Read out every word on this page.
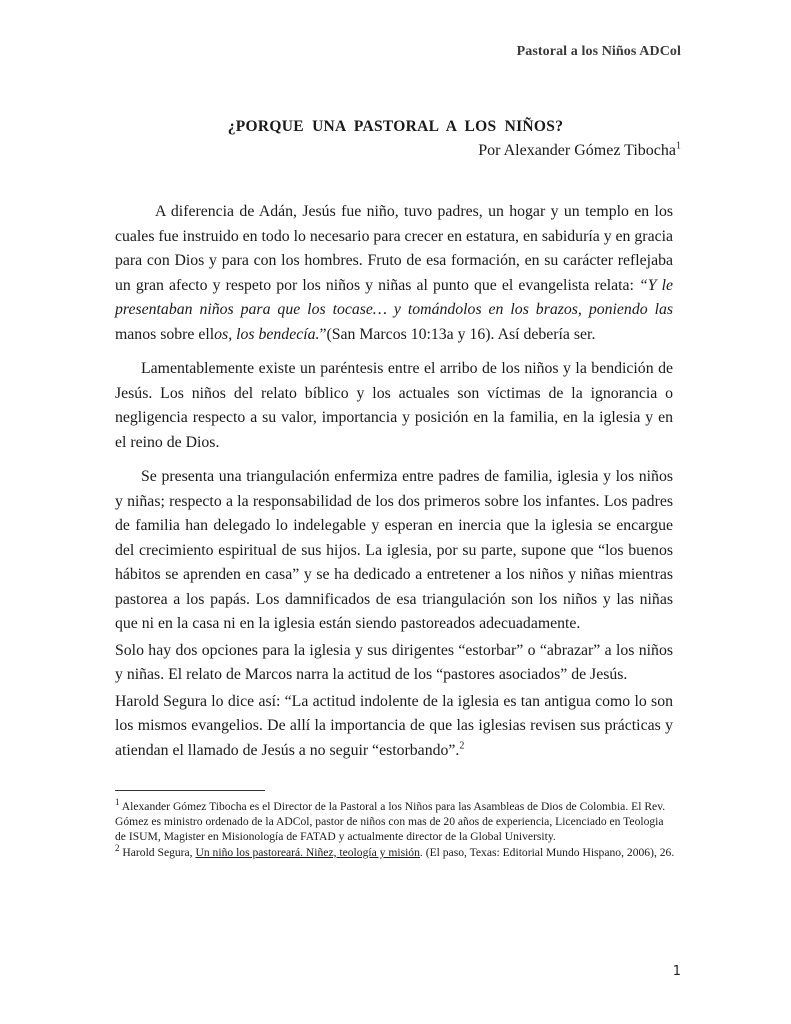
Pastoral a los Niños ADCol
¿PORQUE UNA PASTORAL A LOS NIÑOS?
Por Alexander Gómez Tibocha$^1$

A diferencia de Adán, Jesús fue niño, tuvo padres, un hogar y un templo en los cuales fue instruido en todo lo necesario para crecer en estatura, en sabiduría y en gracia para con Dios y para con los hombres. Fruto de esa formación, en su carácter reflejaba un gran afecto y respeto por los niños y niñas al punto que el evangelista relata: “Y le presentaban niños para que los tocase… y tomándolos en los brazos, poniendo las manos sobre ellos, los bendecía.”(San Marcos 10:13a y 16). Así debería ser.

Lamentablemente existe un paréntesis entre el arribo de los niños y la bendición de Jesús. Los niños del relato bíblico y los actuales son víctimas de la ignorancia o negligencia respecto a su valor, importancia y posición en la familia, en la iglesia y en el reino de Dios.

Se presenta una triangulación enfermiza entre padres de familia, iglesia y los niños y niñas; respecto a la responsabilidad de los dos primeros sobre los infantes. Los padres de familia han delegado lo indelegable y esperan en inercia que la iglesia se encargue del crecimiento espiritual de sus hijos. La iglesia, por su parte, supone que “los buenos hábitos se aprenden en casa” y se ha dedicado a entretener a los niños y niñas mientras pastorea a los papás. Los damnificados de esa triangulación son los niños y las niñas que ni en la casa ni en la iglesia están siendo pastoreados adecuadamente.

Solo hay dos opciones para la iglesia y sus dirigentes “estorbar” o “abrazar” a los niños y niñas. El relato de Marcos narra la actitud de los “pastores asociados” de Jesús.

Harold Segura lo dice así: “La actitud indolente de la iglesia es tan antigua como lo son los mismos evangelios. De allí la importancia de que las iglesias revisen sus prácticas y atiendan el llamado de Jesús a no seguir “estorbando”.$^2$

$^1$ Alexander Gómez Tibocha es el Director de la Pastoral a los Niños para las Asambleas de Dios de Colombia. El Rev. Gómez es ministro ordenado de la ADCol, pastor de niños con mas de 20 años de experiencia, Licenciado en Teologia de ISUM, Magister en Misionología de FATAD y actualmente director de la Global University.

$^2$ Harold Segura, Un niño los pastoreará. Niñez, teología y misión. (El paso, Texas: Editorial Mundo Hispano, 2006), 26.

1
